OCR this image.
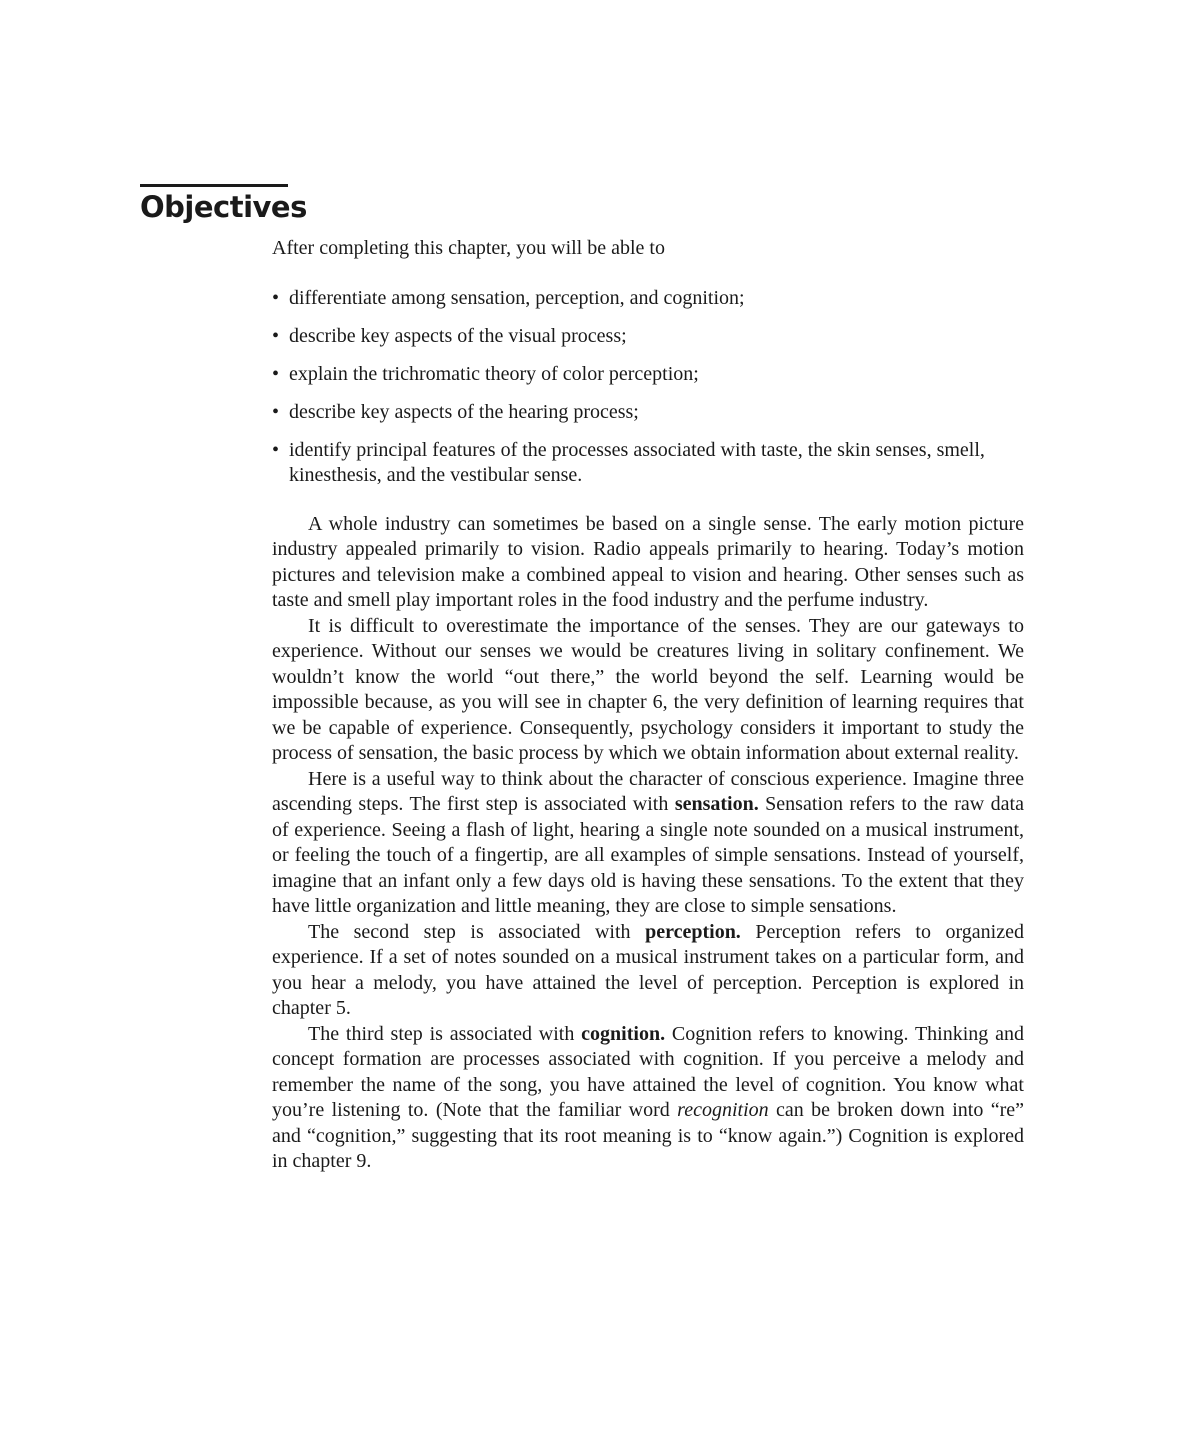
Objectives

After completing this chapter, you will be able to

• differentiate among sensation, perception, and cognition;
• describe key aspects of the visual process;
• explain the trichromatic theory of color perception;
• describe key aspects of the hearing process;
• identify principal features of the processes associated with taste, the skin senses, smell, kinesthesis, and the vestibular sense.

A whole industry can sometimes be based on a single sense. The early motion picture industry appealed primarily to vision. Radio appeals primarily to hearing. Today’s motion pictures and television make a combined appeal to vision and hearing. Other senses such as taste and smell play important roles in the food industry and the perfume industry.

It is difficult to overestimate the importance of the senses. They are our gateways to experience. Without our senses we would be creatures living in solitary confinement. We wouldn’t know the world “out there,” the world beyond the self. Learning would be impossible because, as you will see in chapter 6, the very definition of learning requires that we be capable of experience. Consequently, psychology considers it important to study the process of sensation, the basic process by which we obtain information about external reality.

Here is a useful way to think about the character of conscious experience. Imagine three ascending steps. The first step is associated with sensation. Sensation refers to the raw data of experience. Seeing a flash of light, hearing a single note sounded on a musical instrument, or feeling the touch of a fingertip, are all examples of simple sensations. Instead of yourself, imagine that an infant only a few days old is having these sensations. To the extent that they have little organization and little meaning, they are close to simple sensations.

The second step is associated with perception. Perception refers to organized experience. If a set of notes sounded on a musical instrument takes on a particular form, and you hear a melody, you have attained the level of perception. Perception is explored in chapter 5.

The third step is associated with cognition. Cognition refers to knowing. Thinking and concept formation are processes associated with cognition. If you perceive a melody and remember the name of the song, you have attained the level of cognition. You know what you’re listening to. (Note that the familiar word recognition can be broken down into “re” and “cognition,” suggesting that its root meaning is to “know again.”) Cognition is explored in chapter 9.
